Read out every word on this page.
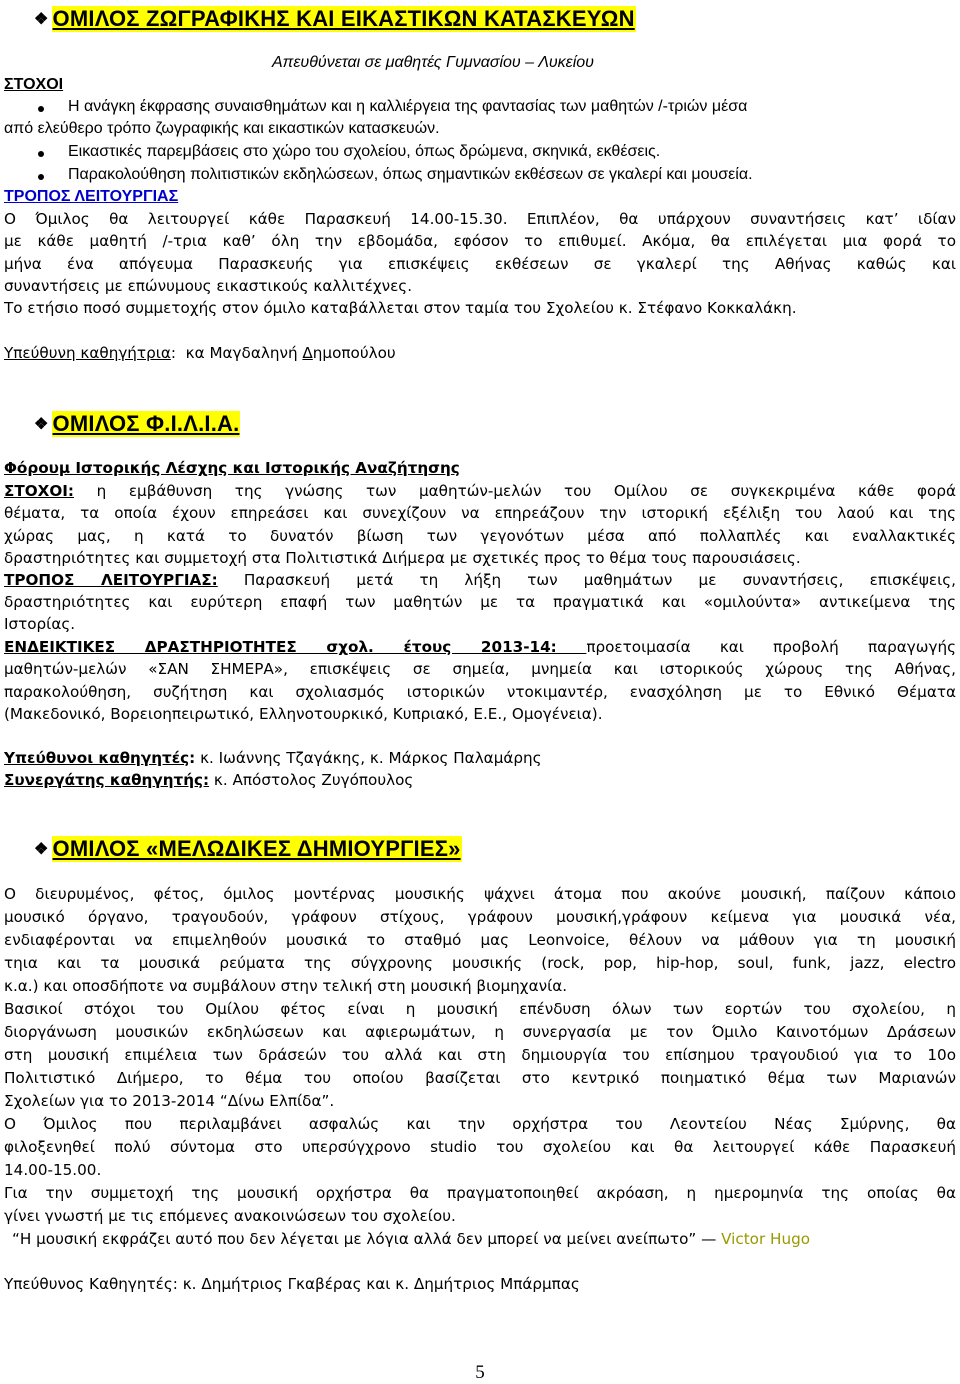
❖ ΟΜΙΛΟΣ ΖΩΓΡΑΦΙΚΗΣ ΚΑΙ ΕΙΚΑΣΤΙΚΩΝ ΚΑΤΑΣΚΕΥΩΝ
Απευθύνεται σε μαθητές Γυμνασίου – Λυκείου
ΣΤΟΧΟΙ
Η ανάγκη έκφρασης συναισθημάτων και η καλλιέργεια της φαντασίας των μαθητών /-τριών μέσα
από ελεύθερο τρόπο ζωγραφικής και εικαστικών κατασκευών.
Εικαστικές παρεμβάσεις στο χώρο του σχολείου, όπως δρώμενα, σκηνικά, εκθέσεις.
Παρακολούθηση πολιτιστικών εκδηλώσεων, όπως σημαντικών εκθέσεων σε γκαλερί και μουσεία.
ΤΡΟΠΟΣ ΛΕΙΤΟΥΡΓΙΑΣ
Ο Όμιλος θα λειτουργεί κάθε Παρασκευή 14.00-15.30. Επιπλέον, θα υπάρχουν συναντήσεις κατ’ ιδίαν
με κάθε μαθητή /-τρια καθ’ όλη την εβδομάδα, εφόσον το επιθυμεί. Ακόμα, θα επιλέγεται μια φορά το
μήνα ένα απόγευμα Παρασκευής για επισκέψεις εκθέσεων σε γκαλερί της Αθήνας καθώς και
συναντήσεις με επώνυμους εικαστικούς καλλιτέχνες.
Το ετήσιο ποσό συμμετοχής στον όμιλο καταβάλλεται στον ταμία του Σχολείου κ. Στέφανο Κοκκαλάκη.
Υπεύθυνη καθηγήτρια: κα Μαγδαληνή Δημοπούλου
❖ ΟΜΙΛΟΣ Φ.Ι.Λ.Ι.Α.
Φόρουμ Ιστορικής Λέσχης και Ιστορικής Αναζήτησης
ΣΤΟΧΟΙ: η εμβάθυνση της γνώσης των μαθητών-μελών του Ομίλου σε συγκεκριμένα κάθε φορά
θέματα, τα οποία έχουν επηρεάσει και συνεχίζουν να επηρεάζουν την ιστορική εξέλιξη του λαού και της
χώρας μας, η κατά το δυνατόν βίωση των γεγονότων μέσα από πολλαπλές και εναλλακτικές
δραστηριότητες και συμμετοχή στα Πολιτιστικά Διήμερα με σχετικές προς το θέμα τους παρουσιάσεις.
ΤΡΟΠΟΣ ΛΕΙΤΟΥΡΓΙΑΣ: Παρασκευή μετά τη λήξη των μαθημάτων με συναντήσεις, επισκέψεις,
δραστηριότητες και ευρύτερη επαφή των μαθητών με τα πραγματικά και «ομιλούντα» αντικείμενα της
Ιστορίας.
ΕΝΔΕΙΚΤΙΚΕΣ ΔΡΑΣΤΗΡΙΟΤΗΤΕΣ σχολ. έτους 2013-14: προετοιμασία και προβολή παραγωγής
μαθητών-μελών «ΣΑΝ ΣΗΜΕΡΑ», επισκέψεις σε σημεία, μνημεία και ιστορικούς χώρους της Αθήνας,
παρακολούθηση, συζήτηση και σχολιασμός ιστορικών ντοκιμαντέρ, ενασχόληση με το Εθνικό Θέματα
(Μακεδονικό, Βορειοηπειρωτικό, Ελληνοτουρκικό, Κυπριακό, Ε.Ε., Ομογένεια).
Υπεύθυνοι καθηγητές: κ. Ιωάννης Τζαγάκης, κ. Μάρκος Παλαμάρης
Συνεργάτης καθηγητής: κ. Απόστολος Ζυγόπουλος
❖ ΟΜΙΛΟΣ «ΜΕΛΩΔΙΚΕΣ ΔΗΜΙΟΥΡΓΙΕΣ»
Ο διευρυμένος, φέτος, όμιλος μοντέρνας μουσικής ψάχνει άτομα που ακούνε μουσική, παίζουν κάποιο
μουσικό όργανο, τραγουδούν, γράφουν στίχους, γράφουν μουσική,γράφουν κείμενα για μουσικά νέα,
ενδιαφέρονται να επιμεληθούν μουσικά το σταθμό μας Leonvoice, θέλουν να μάθουν για τη μουσική
τηια και τα μουσικά ρεύματα της σύγχρονης μουσικής (rock, pop, hip-hop, soul, funk, jazz, electro
κ.α.) και οποσδήποτε να συμβάλουν στην τελική στη μουσική βιομηχανία.
Βασικοί στόχοι του Ομίλου φέτος είναι η μουσική επένδυση όλων των εορτών του σχολείου, η
διοργάνωση μουσικών εκδηλώσεων και αφιερωμάτων, η συνεργασία με τον Όμιλο Καινοτόμων Δράσεων
στη μουσική επιμέλεια των δράσεών του αλλά και στη δημιουργία του επίσημου τραγουδιού για το 10ο
Πολιτιστικό Διήμερο, το θέμα του οποίου βασίζεται στο κεντρικό ποιηματικό θέμα των Μαριανών
Σχολείων για το 2013-2014 “Δίνω Ελπίδα”.
Ο Όμιλος που περιλαμβάνει ασφαλώς και την ορχήστρα του Λεοντείου Νέας Σμύρνης, θα
φιλοξενηθεί πολύ σύντομα στο υπερσύγχρονο studio του σχολείου και θα λειτουργεί κάθε Παρασκευή
14.00-15.00.
Για την συμμετοχή της μουσική ορχήστρα θα πραγματοποιηθεί ακρόαση, η ημερομηνία της οποίας θα
γίνει γνωστή με τις επόμενες ανακοινώσεων του σχολείου.
“Η μουσική εκφράζει αυτό που δεν λέγεται με λόγια αλλά δεν μπορεί να μείνει ανείπωτο” — Victor Hugo
Υπεύθυνος Καθηγητές: κ. Δημήτριος Γκαβέρας και κ. Δημήτριος Μπάρμπας
5
